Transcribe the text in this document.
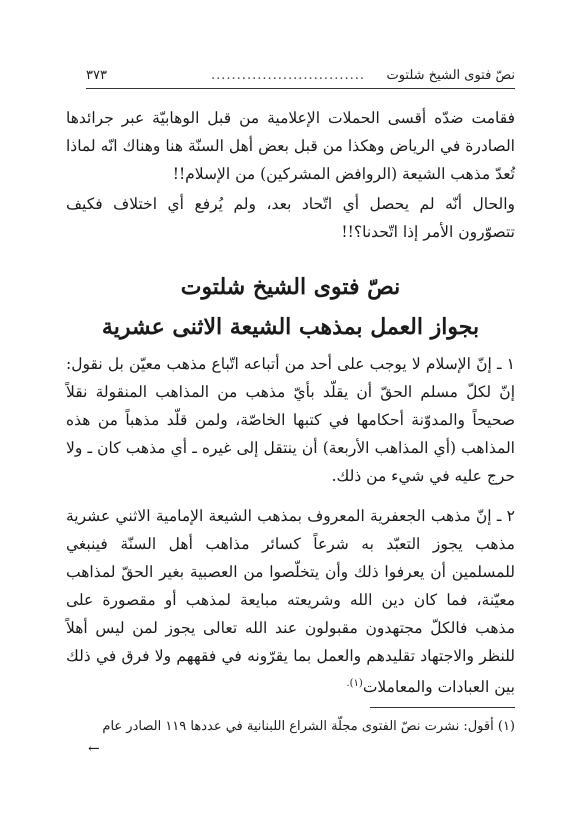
نصّ فتوى الشيخ شلتوت
..............................
٣٧٣

فقامت ضدّه أقسى الحملات الإعلامية من قبل الوهابيّة عبر جرائدها الصادرة في الرياض وهكذا من قبل بعض أهل السنّة هنا وهناك انّه لماذا تُعدّ مذهب الشيعة (الروافض المشركين) من الإسلام!!

والحال أنّه لم يحصل أي اتّحاد بعد، ولم يُرفع أي اختلاف فكيف تتصوّرون الأمر إذا اتّحدنا؟!!

نصّ فتوى الشيخ شلتوت
بجواز العمل بمذهب الشيعة الاثنى عشرية

١ ـ إنّ الإسلام لا يوجب على أحد من أتباعه اتّباع مذهب معيّن بل نقول: إنّ لكلّ مسلم الحقّ أن يقلّد بأيّ مذهب من المذاهب المنقولة نقلاً صحيحاً والمدوّنة أحكامها في كتبها الخاصّة، ولمن قلّد مذهباً من هذه المذاهب (أي المذاهب الأربعة) أن ينتقل إلى غيره ـ أي مذهب كان ـ ولا حرج عليه في شيء من ذلك.

٢ ـ إنّ مذهب الجعفرية المعروف بمذهب الشيعة الإمامية الاثني عشرية مذهب يجوز التعبّد به شرعاً كسائر مذاهب أهل السنّة فينبغي للمسلمين أن يعرفوا ذلك وأن يتخلّصوا من العصبية بغير الحقّ لمذاهب معيّنة، فما كان دين الله وشريعته مبايعة لمذهب أو مقصورة على مذهب فالكلّ مجتهدون مقبولون عند الله تعالى يجوز لمن ليس أهلاً للنظر والاجتهاد تقليدهم والعمل بما يقرّونه في فقههم ولا فرق في ذلك بين العبادات والمعاملات$^{(١).}$

(١) أقول: نشرت نصّ الفتوى مجلّة الشراع اللبنانية في عددها ١١٩ الصادر عام

←
